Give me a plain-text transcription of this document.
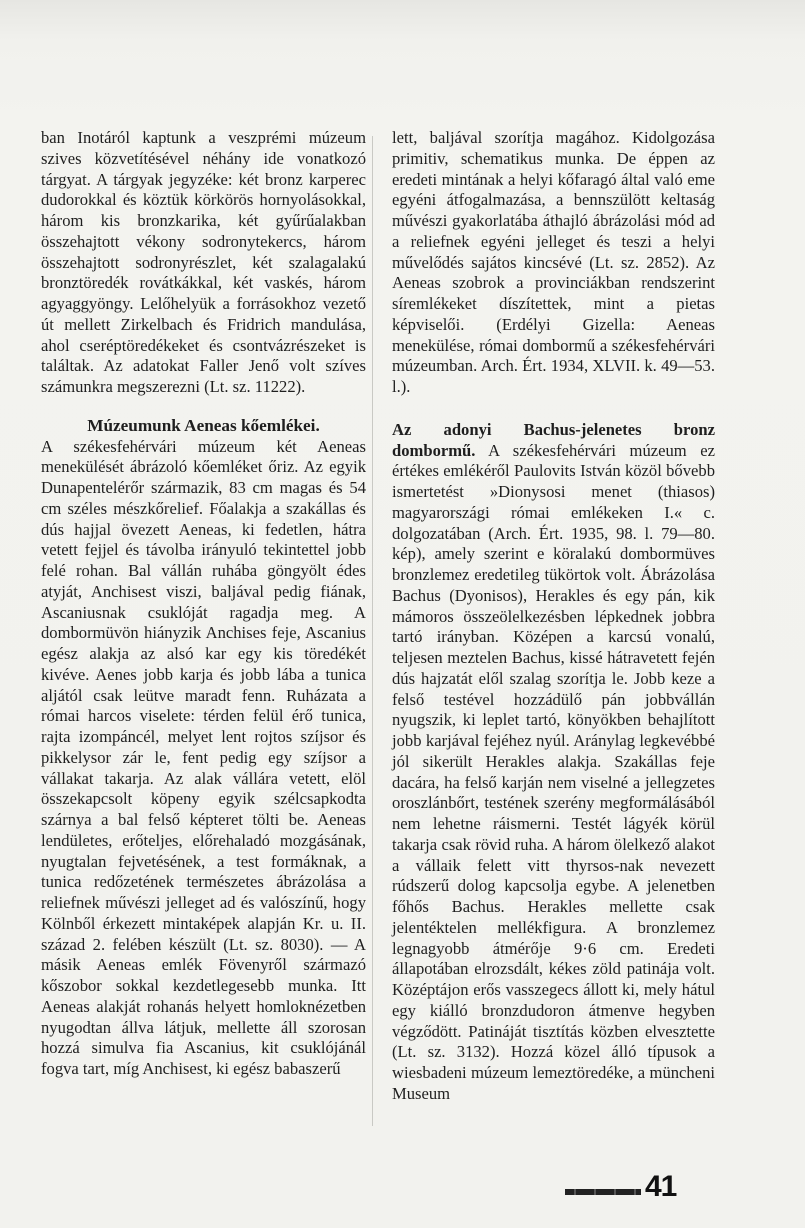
ban Inotáról kaptunk a veszprémi múzeum szives közvetítésével néhány ide vonatkozó tárgyat. A tárgyak jegyzéke: két bronz karperec dudorokkal és köztük körkörös hornyolásokkal, három kis bronzkarika, két gyűrűalakban összehajtott vékony sodronytekercs, három összehajtott sodronyrészlet, két szalagalakú bronztöredék rovátkákkal, két vaskés, három agyaggyöngy. Lelőhelyük a forrásokhoz vezető út mellett Zirkelbach és Fridrich mandulása, ahol cseréptöredékeket és csontvázrészeket is találtak. Az adatokat Faller Jenő volt szíves számunkra megszerezni (Lt. sz. 11222).

Múzeumunk Aeneas kőemlékei.

A székesfehérvári múzeum két Aeneas menekülését ábrázoló kőemléket őriz. Az egyik Dunapentelérőr származik, 83 cm magas és 54 cm széles mészkőrelief. Főalakja a szakállas és dús hajjal övezett Aeneas, ki fedetlen, hátra vetett fejjel és távolba irányuló tekintettel jobb felé rohan. Bal vállán ruhába göngyölt édes atyját, Anchisest viszi, baljával pedig fiának, Ascaniusnak csuklóját ragadja meg. A dombormüvön hiányzik Anchises feje, Ascanius egész alakja az alsó kar egy kis töredékét kivéve. Aenes jobb karja és jobb lába a tunica aljától csak leütve maradt fenn. Ruházata a római harcos viselete: térden felül érő tunica, rajta izompáncél, melyet lent rojtos szíjsor és pikkelysor zár le, fent pedig egy szíjsor a vállakat takarja. Az alak vállára vetett, elöl összekapcsolt köpeny egyik szélcsapkodta szárnya a bal felső képteret tölti be. Aeneas lendületes, erőteljes, előrehaladó mozgásának, nyugtalan fejvetésének, a test formáknak, a tunica redőzetének természetes ábrázolása a reliefnek művészi jelleget ad és valószínű, hogy Kölnből érkezett mintaképek alapján Kr. u. II. század 2. felében készült (Lt. sz. 8030). — A másik Aeneas emlék Fövenyről származó kőszobor sokkal kezdetlegesebb munka. Itt Aeneas alakját rohanás helyett homloknézetben nyugodtan állva látjuk, mellette áll szorosan hozzá simulva fia Ascanius, kit csuklójánál fogva tart, míg Anchisest, ki egész babaszerű

lett, baljával szorítja magához. Kidolgozása primitiv, schematikus munka. De éppen az eredeti mintának a helyi kőfaragó által való eme egyéni átfogalmazása, a bennszülött keltaság művészi gyakorlatába áthajló ábrázolási mód ad a reliefnek egyéni jelleget és teszi a helyi művelődés sajátos kincsévé (Lt. sz. 2852). Az Aeneas szobrok a provinciákban rendszerint síremlékeket díszítettek, mint a pietas képviselői. (Erdélyi Gizella: Aeneas menekülése, római dombormű a székesfehérvári múzeumban. Arch. Ért. 1934, XLVII. k. 49—53. l.).

Az adonyi Bachus-jelenetes bronz dombormű. A székesfehérvári múzeum ez értékes emlékéről Paulovits István közöl bővebb ismertetést »Dionysosi menet (thiasos) magyarországi római emlékeken I.« c. dolgozatában (Arch. Ért. 1935, 98. l. 79—80. kép), amely szerint e köralakú dombormüves bronzlemez eredetileg tükörtok volt. Ábrázolása Bachus (Dyonisos), Herakles és egy pán, kik mámoros összeölelkezésben lépkednek jobbra tartó irányban. Középen a karcsú vonalú, teljesen meztelen Bachus, kissé hátravetett fején dús hajzatát elől szalag szorítja le. Jobb keze a felső testével hozzádülő pán jobbvállán nyugszik, ki leplet tartó, könyökben behajlított jobb karjával fejéhez nyúl. Aránylag legkevébbé jól sikerült Herakles alakja. Szakállas feje dacára, ha felső karján nem viselné a jellegzetes oroszlánbőrt, testének szerény megformálásából nem lehetne ráismerni. Testét lágyék körül takarja csak rövid ruha. A három ölelkező alakot a vállaik felett vitt thyrsos-nak nevezett rúdszerű dolog kapcsolja egybe. A jelenetben főhős Bachus. Herakles mellette csak jelentéktelen mellékfigura. A bronzlemez legnagyobb átmérője 9·6 cm. Eredeti állapotában elrozsdált, kékes zöld patinája volt. Középtájon erős vasszegecs állott ki, mely hátul egy kiálló bronzdudoron átmenve hegyben végződött. Patináját tisztítás közben elvesztette (Lt. sz. 3132). Hozzá közel álló típusok a wiesbadeni múzeum lemeztöredéke, a müncheni Museum

41
